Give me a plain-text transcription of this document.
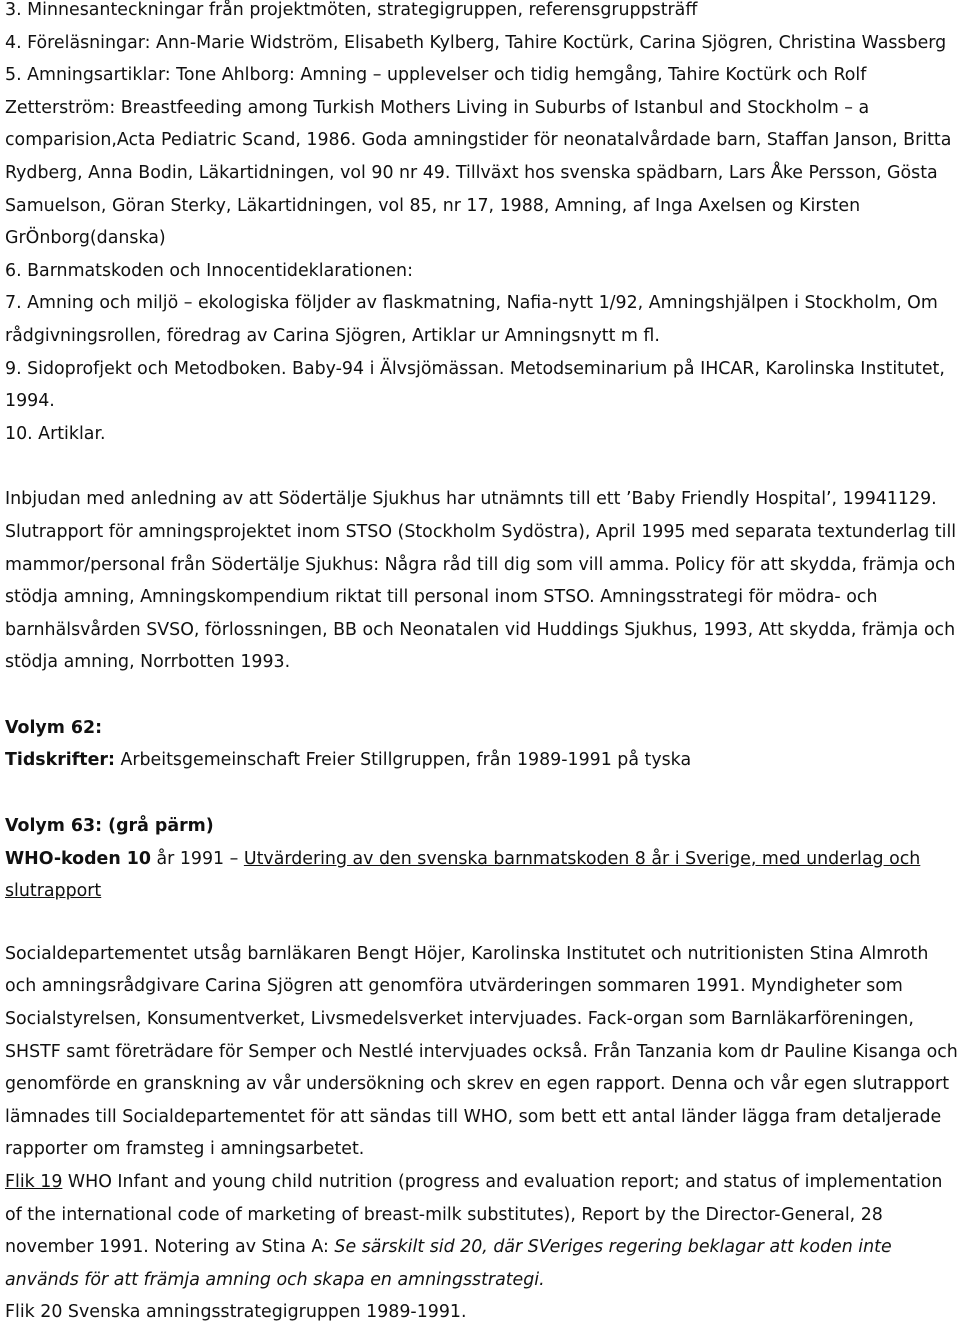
3. Minnesanteckningar från projektmöten, strategigruppen, referensgruppsträff
4. Föreläsningar: Ann-Marie Widström, Elisabeth Kylberg, Tahire Koctürk, Carina Sjögren, Christina Wassberg
5. Amningsartiklar: Tone Ahlborg: Amning – upplevelser och tidig hemgång, Tahire Koctürk och Rolf Zetterström: Breastfeeding among Turkish Mothers Living in Suburbs of Istanbul and Stockholm – a comparision,Acta Pediatric Scand, 1986. Goda amningstider för neonatalvårdade barn, Staffan Janson, Britta Rydberg, Anna Bodin, Läkartidningen, vol 90 nr 49. Tillväxt hos svenska spädbarn, Lars Åke Persson, Gösta Samuelson, Göran Sterky, Läkartidningen, vol 85, nr 17, 1988, Amning, af Inga Axelsen og Kirsten GrÖnborg(danska)
6. Barnmatskoden och Innocentideklarationen:
7. Amning och miljö – ekologiska följder av flaskmatning, Nafia-nytt 1/92, Amningshjälpen i Stockholm, Om rådgivningsrollen, föredrag av Carina Sjögren, Artiklar ur Amningsnytt m fl.
9. Sidoprofjekt och Metodboken. Baby-94 i Älvsjömässan. Metodseminarium på IHCAR, Karolinska Institutet, 1994.
10. Artiklar.

Inbjudan med anledning av att Södertälje Sjukhus har utnämnts till ett ’Baby Friendly Hospital’, 19941129. Slutrapport för amningsprojektet inom STSO (Stockholm Sydöstra), April 1995 med separata textunderlag till mammor/personal från Södertälje Sjukhus: Några råd till dig som vill amma. Policy för att skydda, främja och stödja amning, Amningskompendium riktat till personal inom STSO. Amningsstrategi för mödra- och barnhälsvården SVSO, förlossningen, BB och Neonatalen vid Huddings Sjukhus, 1993, Att skydda, främja och stödja amning, Norrbotten 1993.

Volym 62:
Tidskrifter: Arbeitsgemeinschaft Freier Stillgruppen, från 1989-1991 på tyska
Volym 63: (grå pärm)
WHO-koden 10 år 1991 – Utvärdering av den svenska barnmatskoden 8 år i Sverige, med underlag och slutrapport
Socialdepartementet utsåg barnläkaren Bengt Höjer, Karolinska Institutet och nutritionisten Stina Almroth och amningsrådgivare Carina Sjögren att genomföra utvärderingen sommaren 1991. Myndigheter som Socialstyrelsen, Konsumentverket, Livsmedelsverket intervjuades. Fack-organ som Barnläkarföreningen, SHSTF samt företrädare för Semper och Nestlé intervjuades också. Från Tanzania kom dr Pauline Kisanga och genomförde en granskning av vår undersökning och skrev en egen rapport. Denna och vår egen slutrapport lämnades till Socialdepartementet för att sändas till WHO, som bett ett antal länder lägga fram detaljerade rapporter om framsteg i amningsarbetet.
Flik 19 WHO Infant and young child nutrition (progress and evaluation report; and status of implementation of the international code of marketing of breast-milk substitutes), Report by the Director-General, 28 november 1991. Notering av Stina A: Se särskilt sid 20, där SVeriges regering beklagar att koden inte används för att främja amning och skapa en amningsstrategi.
Flik 20 Svenska amningsstrategigruppen 1989-1991.
